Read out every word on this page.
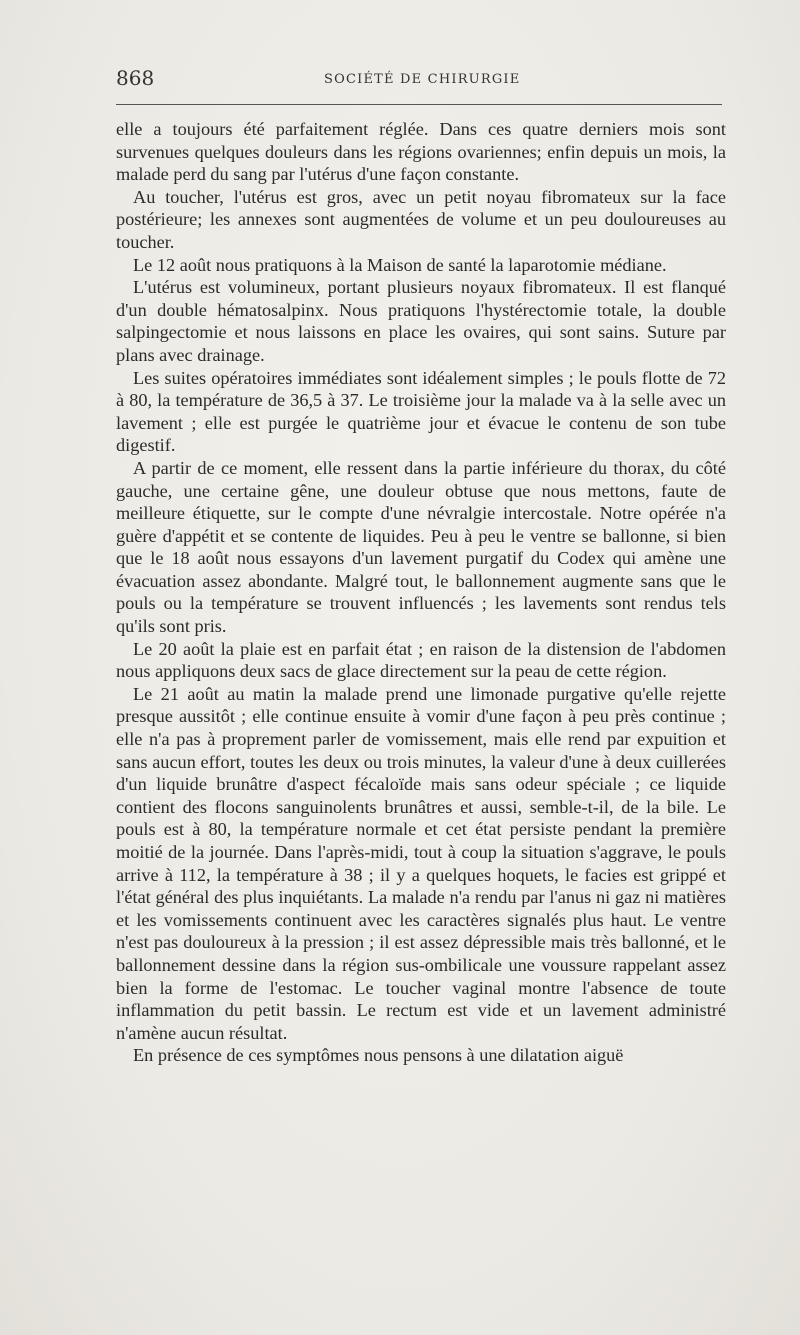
868	SOCIÉTÉ DE CHIRURGIE

elle a toujours été parfaitement réglée. Dans ces quatre derniers mois sont survenues quelques douleurs dans les régions ovariennes; enfin depuis un mois, la malade perd du sang par l'utérus d'une façon constante.

Au toucher, l'utérus est gros, avec un petit noyau fibromateux sur la face postérieure; les annexes sont augmentées de volume et un peu douloureuses au toucher.

Le 12 août nous pratiquons à la Maison de santé la laparotomie médiane.

L'utérus est volumineux, portant plusieurs noyaux fibromateux. Il est flanqué d'un double hématosalpinx. Nous pratiquons l'hystérectomie totale, la double salpingectomie et nous laissons en place les ovaires, qui sont sains. Suture par plans avec drainage.

Les suites opératoires immédiates sont idéalement simples ; le pouls flotte de 72 à 80, la température de 36,5 à 37. Le troisième jour la malade va à la selle avec un lavement ; elle est purgée le quatrième jour et évacue le contenu de son tube digestif.

A partir de ce moment, elle ressent dans la partie inférieure du thorax, du côté gauche, une certaine gêne, une douleur obtuse que nous mettons, faute de meilleure étiquette, sur le compte d'une névralgie intercostale. Notre opérée n'a guère d'appétit et se contente de liquides. Peu à peu le ventre se ballonne, si bien que le 18 août nous essayons d'un lavement purgatif du Codex qui amène une évacuation assez abondante. Malgré tout, le ballonnement augmente sans que le pouls ou la température se trouvent influencés ; les lavements sont rendus tels qu'ils sont pris.

Le 20 août la plaie est en parfait état ; en raison de la distension de l'abdomen nous appliquons deux sacs de glace directement sur la peau de cette région.

Le 21 août au matin la malade prend une limonade purgative qu'elle rejette presque aussitôt ; elle continue ensuite à vomir d'une façon à peu près continue ; elle n'a pas à proprement parler de vomissement, mais elle rend par expuition et sans aucun effort, toutes les deux ou trois minutes, la valeur d'une à deux cuillerées d'un liquide brunâtre d'aspect fécaloïde mais sans odeur spéciale ; ce liquide contient des flocons sanguinolents brunâtres et aussi, semble-t-il, de la bile. Le pouls est à 80, la température normale et cet état persiste pendant la première moitié de la journée. Dans l'après-midi, tout à coup la situation s'aggrave, le pouls arrive à 112, la température à 38 ; il y a quelques hoquets, le facies est grippé et l'état général des plus inquiétants. La malade n'a rendu par l'anus ni gaz ni matières et les vomissements continuent avec les caractères signalés plus haut. Le ventre n'est pas douloureux à la pression ; il est assez dépressible mais très ballonné, et le ballonnement dessine dans la région sus-ombilicale une voussure rappelant assez bien la forme de l'estomac. Le toucher vaginal montre l'absence de toute inflammation du petit bassin. Le rectum est vide et un lavement administré n'amène aucun résultat.

En présence de ces symptômes nous pensons à une dilatation aiguë
